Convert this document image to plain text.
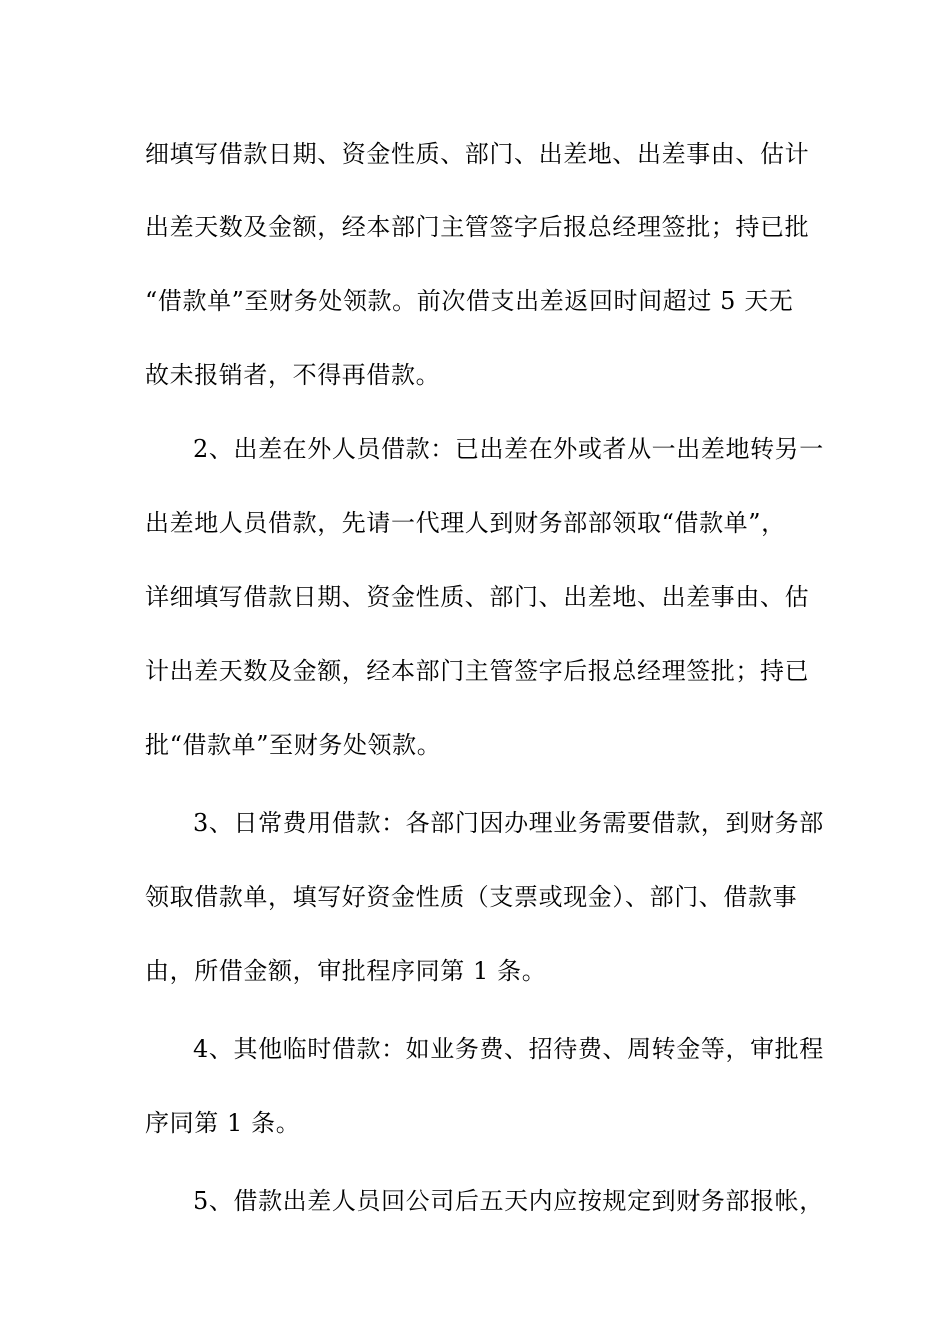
细填写借款日期、资金性质、部门、出差地、出差事由、估计
出差天数及金额，经本部门主管签字后报总经理签批；持已批
“借款单”至财务处领款。前次借支出差返回时间超过 5 天无
故未报销者，不得再借款。
2、出差在外人员借款：已出差在外或者从一出差地转另一
出差地人员借款，先请一代理人到财务部部领取“借款单”，
详细填写借款日期、资金性质、部门、出差地、出差事由、估
计出差天数及金额，经本部门主管签字后报总经理签批；持已
批“借款单”至财务处领款。
3、日常费用借款：各部门因办理业务需要借款，到财务部
领取借款单，填写好资金性质（支票或现金）、部门、借款事
由，所借金额，审批程序同第 1 条。
4、其他临时借款：如业务费、招待费、周转金等，审批程
序同第 1 条。
5、借款出差人员回公司后五天内应按规定到财务部报帐，
